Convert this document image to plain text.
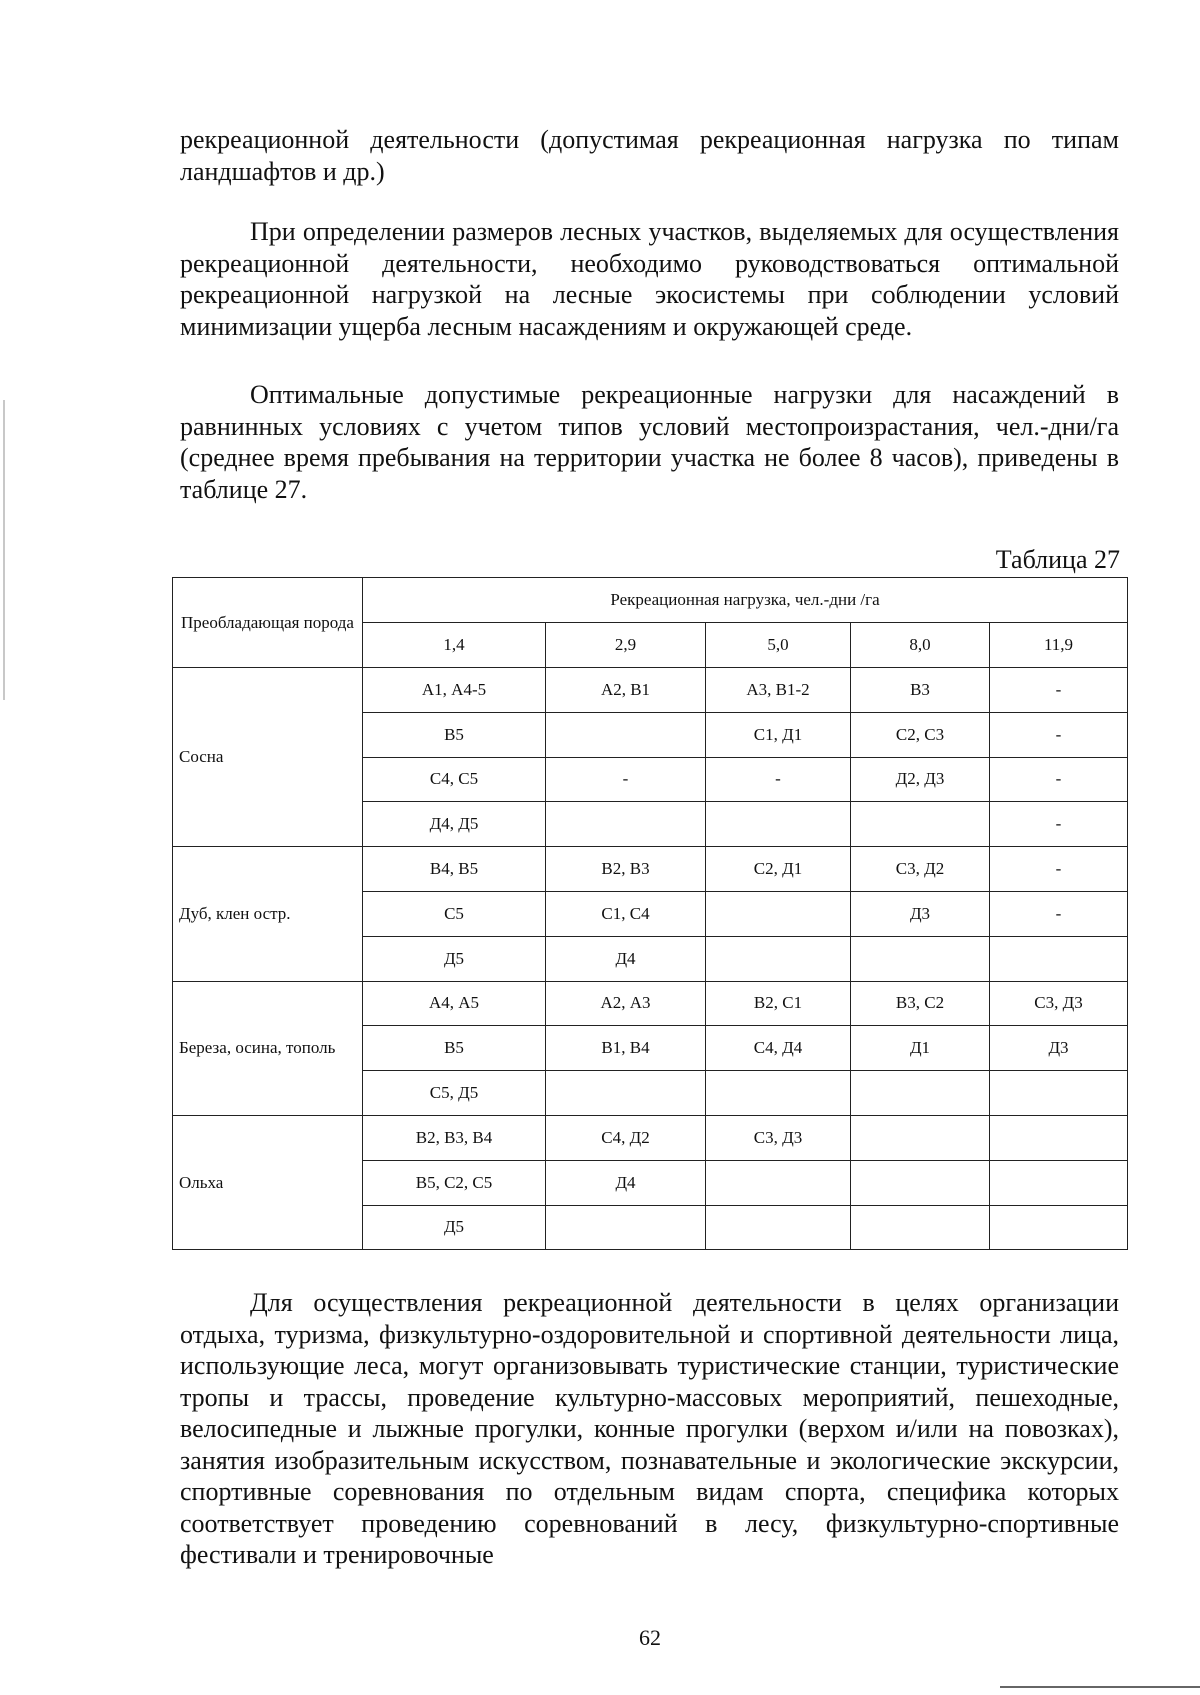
рекреационной деятельности (допустимая рекреационная нагрузка по типам ландшафтов и др.)

При определении размеров лесных участков, выделяемых для осуществления рекреационной деятельности, необходимо руководствоваться оптимальной рекреационной нагрузкой на лесные экосистемы при соблюдении условий минимизации ущерба лесным насаждениям и окружающей среде.

Оптимальные допустимые рекреационные нагрузки для насаждений в равнинных условиях с учетом типов условий местопроизрастания, чел.-дни/га (среднее время пребывания на территории участка не более 8 часов), приведены в таблице 27.

Таблица 27
Преобладающая порода	Рекреационная нагрузка, чел.-дни /га				
	1,4	2,9	5,0	8,0	11,9
Сосна	А1, А4-5	А2, В1	А3, В1-2	В3	-
	В5		С1, Д1	С2, С3	-
	С4, С5	-	-	Д2, Д3	-
	Д4, Д5				-
Дуб, клен остр.	В4, В5	В2, В3	С2, Д1	С3, Д2	-
	С5	С1, С4		Д3	-
	Д5	Д4			
Береза, осина, тополь	А4, А5	А2, А3	В2, С1	В3, С2	С3, Д3
	В5	В1, В4	С4, Д4	Д1	Д3
	С5, Д5				
Ольха	В2, В3, В4	С4, Д2	С3, Д3		
	В5, С2, С5	Д4			
	Д5				

Для осуществления рекреационной деятельности в целях организации отдыха, туризма, физкультурно-оздоровительной и спортивной деятельности лица, использующие леса, могут организовывать туристические станции, туристические тропы и трассы, проведение культурно-массовых мероприятий, пешеходные, велосипедные и лыжные прогулки, конные прогулки (верхом и/или на повозках), занятия изобразительным искусством, познавательные и экологические экскурсии, спортивные соревнования по отдельным видам спорта, специфика которых соответствует проведению соревнований в лесу, физкультурно-спортивные фестивали и тренировочные

62
